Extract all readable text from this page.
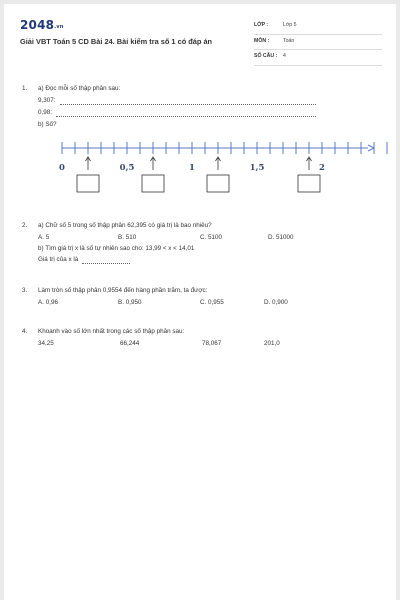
$2048^{.vn}$
Giải VBT Toán 5 CD Bài 24. Bài kiểm tra số 1 có đáp án
LỚP :	Lớp 5
MÔN :	Toán
SỐ CÂU : 4
1. a) Đọc mỗi số thập phân sau:
9,307:
0,98:
b) Số?
0	0,5	1	1,5	2
2. a) Chữ số 5 trong số thập phân 62,395 có giá trị là bao nhiêu?
A. 5	B. 510	C. 5100	D. 51000
b) Tìm giá trị x là số tự nhiên sao cho: 13,99 < x < 14,01
Giá trị của x là
3. Làm tròn số thập phân 0,9554 đến hàng phần trăm, ta được:
A. 0,96	B. 0,950	C. 0,955	D. 0,900
4. Khoanh vào số lớn nhất trong các số thập phân sau:
34,25	66,244	78,067	201,0
